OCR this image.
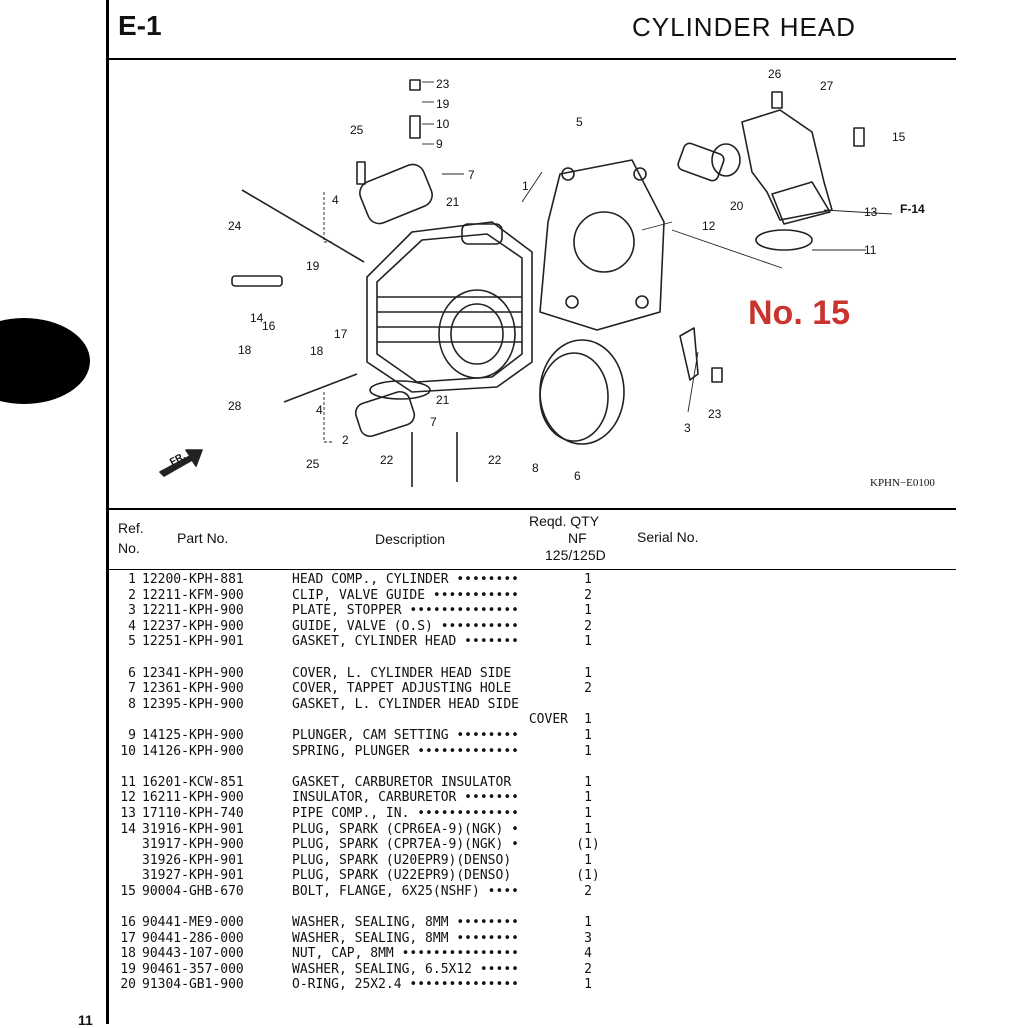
11
E-1	CYLINDER HEAD
23
19
10
9
25
7
4	21
24
19
14
17
16
18	18
28	4
2
25	22	22
21
7
1
5
26
27
15
13
20
12
11
3
23
8
6
F-14
FR.
No. 15
KPHN−E0100
Ref.
No.
Part No.	Description
Reqd. QTY
NF
125/125D
Serial No.
1 12200-KPH-881	HEAD COMP., CYLINDER ••••••••	1
2 12211-KFM-900	CLIP, VALVE GUIDE •••••••••••	2
3 12211-KPH-900	PLATE, STOPPER ••••••••••••••	1
4 12237-KPH-900	GUIDE, VALVE (O.S) ••••••••••	2
5 12251-KPH-901	GASKET, CYLINDER HEAD •••••••	1
6 12341-KPH-900	COVER, L. CYLINDER HEAD SIDE	1
7 12361-KPH-900	COVER, TAPPET ADJUSTING HOLE	2
8 12395-KPH-900	GASKET, L. CYLINDER HEAD SIDE
COVER	1
9 14125-KPH-900	PLUNGER, CAM SETTING ••••••••	1
10 14126-KPH-900	SPRING, PLUNGER •••••••••••••	1
11 16201-KCW-851	GASKET, CARBURETOR INSULATOR	1
12 16211-KPH-900	INSULATOR, CARBURETOR •••••••	1
13 17110-KPH-740	PIPE COMP., IN. •••••••••••••	1
14 31916-KPH-901	PLUG, SPARK (CPR6EA-9)(NGK) •	1
31917-KPH-900	PLUG, SPARK (CPR7EA-9)(NGK) •	(1)
31926-KPH-901	PLUG, SPARK (U20EPR9)(DENSO)	1
31927-KPH-901	PLUG, SPARK (U22EPR9)(DENSO)	(1)
15 90004-GHB-670	BOLT, FLANGE, 6X25(NSHF) ••••	2
16 90441-ME9-000	WASHER, SEALING, 8MM ••••••••	1
17 90441-286-000	WASHER, SEALING, 8MM ••••••••	3
18 90443-107-000	NUT, CAP, 8MM •••••••••••••••	4
19 90461-357-000	WASHER, SEALING, 6.5X12 •••••	2
20 91304-GB1-900	O-RING, 25X2.4 ••••••••••••••	1
